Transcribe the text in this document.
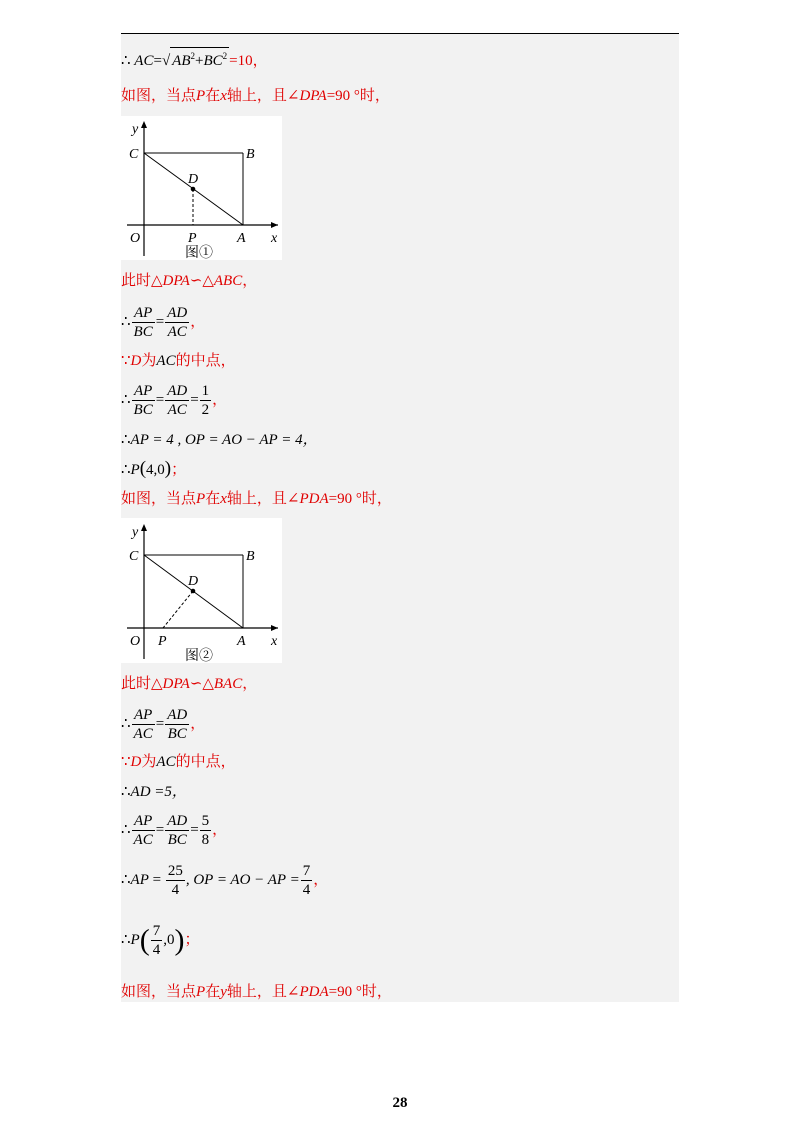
∴ AC=√ $AB^2+BC^2 =10$，
如图，当点P在x轴上，且∠DPA=90 °时，
y
x
O
C	B
D
P	A
图①
此时△DPA∽△ABC，
∴ $\frac{AP}{BC} = \frac{AD}{AC}$ ，
∵D为AC的中点，
∴ $\frac{AP}{BC} = \frac{AD}{AC} = \frac{1}{2}$ ，
∴AP = 4 , OP = AO − AP = 4，
∴P(4,0)；
如图，当点P在x轴上，且∠PDA=90 °时，
y
x
O
C	B
D
P	A
图②
此时△DPA∽△BAC，
∴ $\frac{AP}{AC} = \frac{AD}{BC}$ ，
∵D为AC的中点，
∴AD =5，
∴ $\frac{AP}{AC} = \frac{AD}{BC} = \frac{5}{8}$ ，
∴AP = $\frac{25}{4}$ , OP = AO − AP = $\frac{7}{4}$ ，
∴P( $\frac{7}{4} ,0$)；
如图，当点P在y轴上，且∠PDA=90 °时，
28
